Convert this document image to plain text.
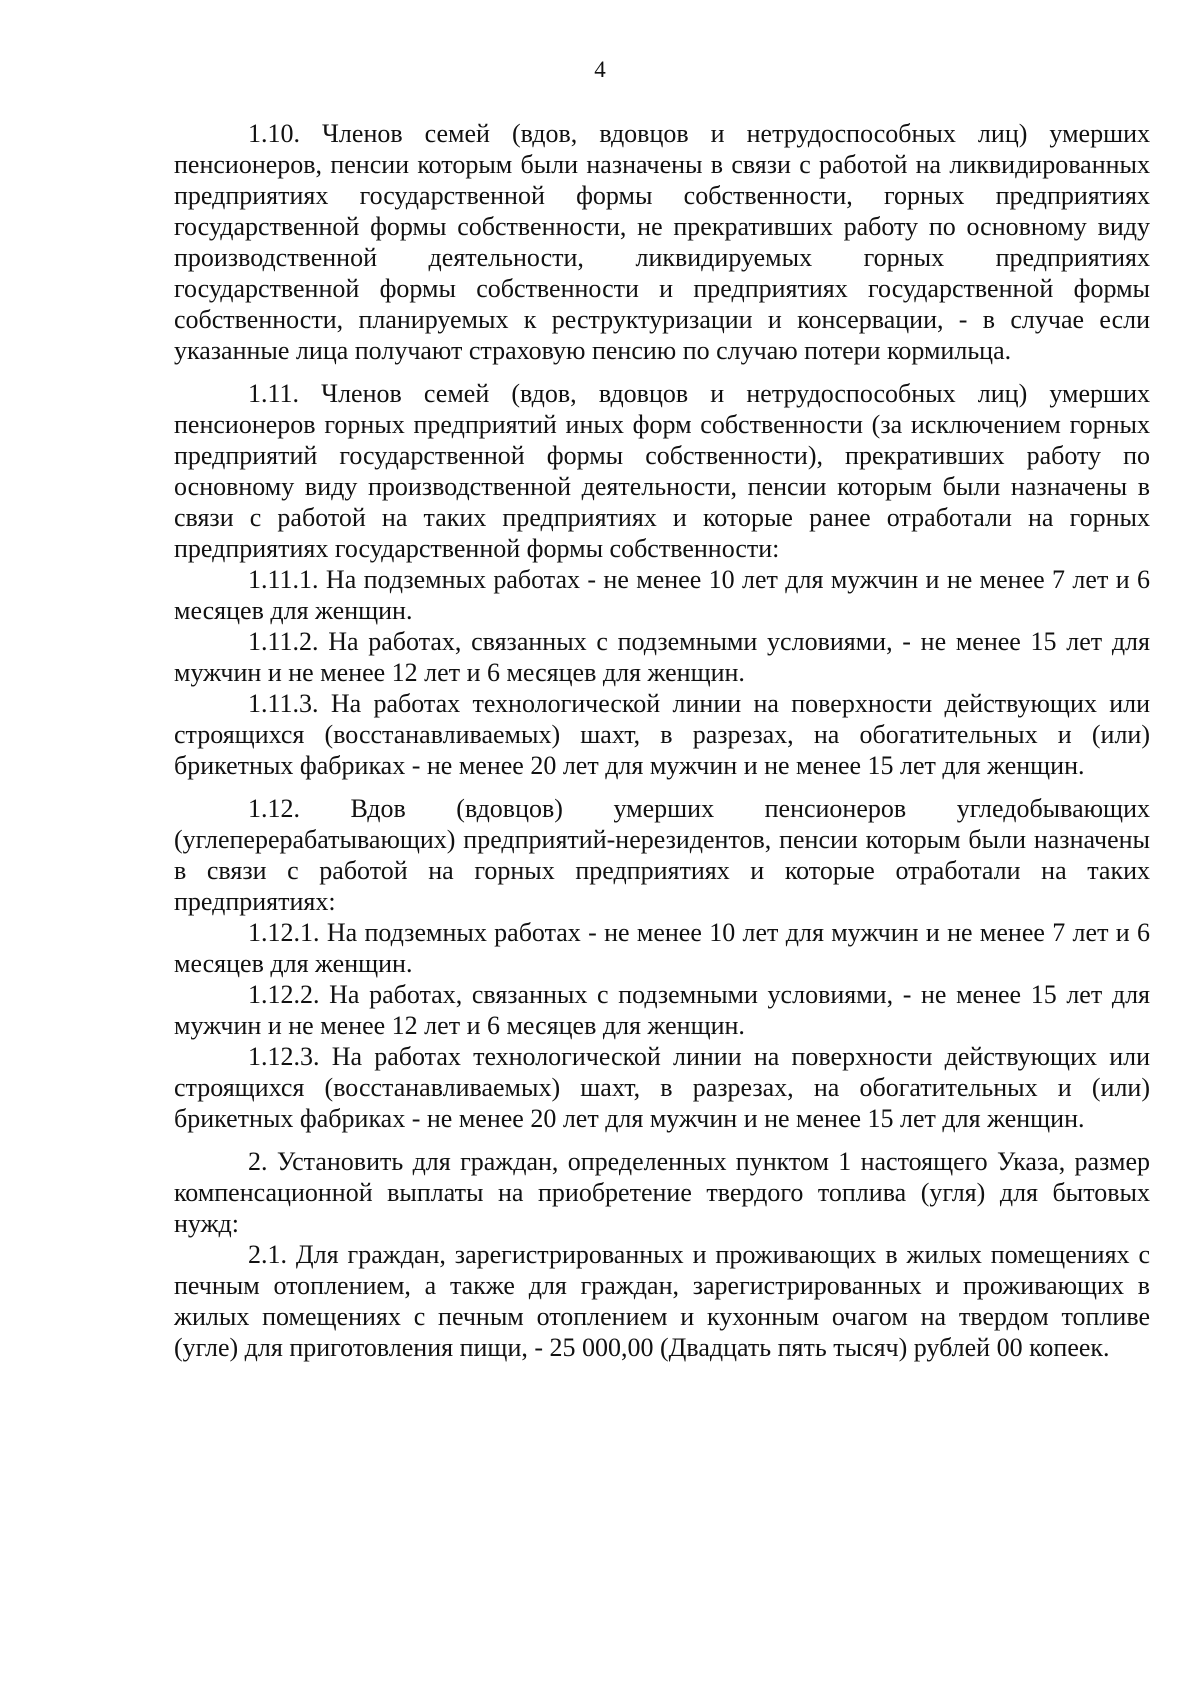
4

1.10. Членов семей (вдов, вдовцов и нетрудоспособных лиц) умерших пенсионеров, пенсии которым были назначены в связи с работой на ликвидированных предприятиях государственной формы собственности, горных предприятиях государственной формы собственности, не прекративших работу по основному виду производственной деятельности, ликвидируемых горных предприятиях государственной формы собственности и предприятиях государственной формы собственности, планируемых к реструктуризации и консервации, - в случае если указанные лица получают страховую пенсию по случаю потери кормильца.

1.11. Членов семей (вдов, вдовцов и нетрудоспособных лиц) умерших пенсионеров горных предприятий иных форм собственности (за исключением горных предприятий государственной формы собственности), прекративших работу по основному виду производственной деятельности, пенсии которым были назначены в связи с работой на таких предприятиях и которые ранее отработали на горных предприятиях государственной формы собственности:

1.11.1. На подземных работах - не менее 10 лет для мужчин и не менее 7 лет и 6 месяцев для женщин.

1.11.2. На работах, связанных с подземными условиями, - не менее 15 лет для мужчин и не менее 12 лет и 6 месяцев для женщин.

1.11.3. На работах технологической линии на поверхности действующих или строящихся (восстанавливаемых) шахт, в разрезах, на обогатительных и (или) брикетных фабриках - не менее 20 лет для мужчин и не менее 15 лет для женщин.

1.12. Вдов (вдовцов) умерших пенсионеров угледобывающих (углеперерабатывающих) предприятий-нерезидентов, пенсии которым были назначены в связи с работой на горных предприятиях и которые отработали на таких предприятиях:

1.12.1. На подземных работах - не менее 10 лет для мужчин и не менее 7 лет и 6 месяцев для женщин.

1.12.2. На работах, связанных с подземными условиями, - не менее 15 лет для мужчин и не менее 12 лет и 6 месяцев для женщин.

1.12.3. На работах технологической линии на поверхности действующих или строящихся (восстанавливаемых) шахт, в разрезах, на обогатительных и (или) брикетных фабриках - не менее 20 лет для мужчин и не менее 15 лет для женщин.

2. Установить для граждан, определенных пунктом 1 настоящего Указа, размер компенсационной выплаты на приобретение твердого топлива (угля) для бытовых нужд:

2.1. Для граждан, зарегистрированных и проживающих в жилых помещениях с печным отоплением, а также для граждан, зарегистрированных и проживающих в жилых помещениях с печным отоплением и кухонным очагом на твердом топливе (угле) для приготовления пищи, - 25 000,00 (Двадцать пять тысяч) рублей 00 копеек.
